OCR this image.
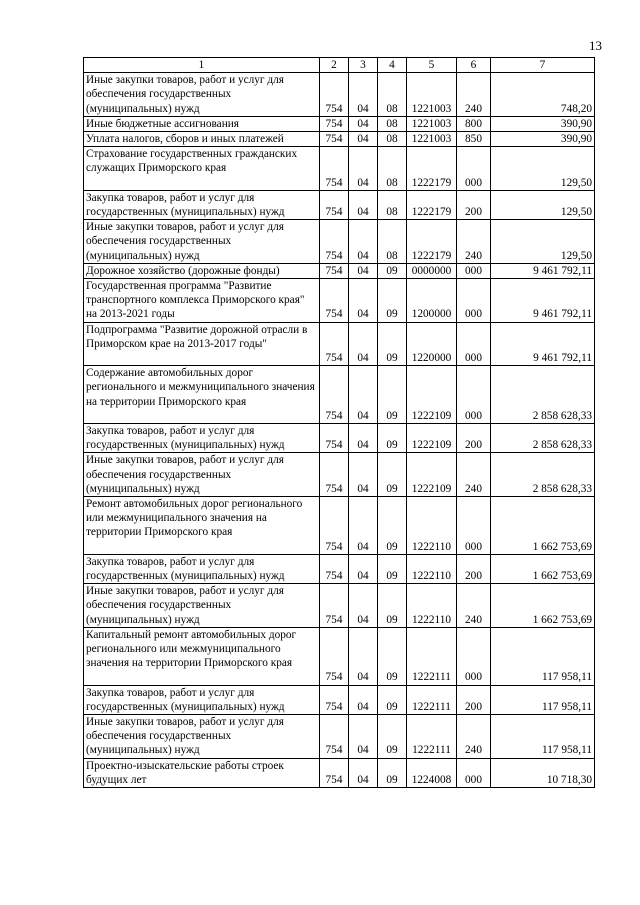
13
1	2	3	4	5	6	7
Иные закупки товаров, работ и услуг для обеспечения государственных (муниципальных) нужд	754	04	08	1221003	240	748,20
Иные бюджетные ассигнования	754	04	08	1221003	800	390,90
Уплата налогов, сборов и иных платежей	754	04	08	1221003	850	390,90
Страхование государственных гражданских служащих Приморского края	754	04	08	1222179	000	129,50
Закупка товаров, работ и услуг для государственных (муниципальных) нужд	754	04	08	1222179	200	129,50
Иные закупки товаров, работ и услуг для обеспечения государственных (муниципальных) нужд	754	04	08	1222179	240	129,50
Дорожное хозяйство (дорожные фонды)	754	04	09	0000000	000	9 461 792,11
Государственная программа "Развитие транспортного комплекса Приморского края" на 2013-2021 годы	754	04	09	1200000	000	9 461 792,11
Подпрограмма "Развитие дорожной отрасли в Приморском крае на 2013-2017 годы"	754	04	09	1220000	000	9 461 792,11
Содержание автомобильных дорог регионального и межмуниципального значения на территории Приморского края	754	04	09	1222109	000	2 858 628,33
Закупка товаров, работ и услуг для государственных (муниципальных) нужд	754	04	09	1222109	200	2 858 628,33
Иные закупки товаров, работ и услуг для обеспечения государственных (муниципальных) нужд	754	04	09	1222109	240	2 858 628,33
Ремонт автомобильных дорог регионального или межмуниципального значения на территории Приморского края	754	04	09	1222110	000	1 662 753,69
Закупка товаров, работ и услуг для государственных (муниципальных) нужд	754	04	09	1222110	200	1 662 753,69
Иные закупки товаров, работ и услуг для обеспечения государственных (муниципальных) нужд	754	04	09	1222110	240	1 662 753,69
Капитальный ремонт автомобильных дорог регионального или межмуниципального значения на территории Приморского края	754	04	09	1222111	000	117 958,11
Закупка товаров, работ и услуг для государственных (муниципальных) нужд	754	04	09	1222111	200	117 958,11
Иные закупки товаров, работ и услуг для обеспечения государственных (муниципальных) нужд	754	04	09	1222111	240	117 958,11
Проектно-изыскательские работы строек будущих лет	754	04	09	1224008	000	10 718,30
